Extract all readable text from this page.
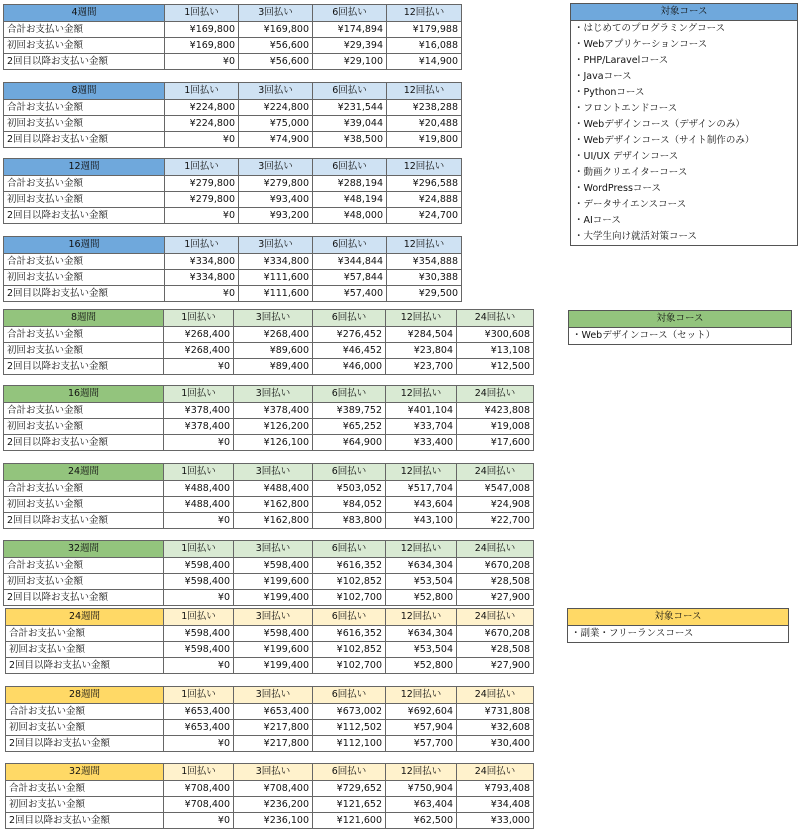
4週間	1回払い	3回払い	6回払い	12回払い
合計お支払い金額	¥169,800	¥169,800	¥174,894	¥179,988
初回お支払い金額	¥169,800	¥56,600	¥29,394	¥16,088
2回目以降お支払い金額	¥0	¥56,600	¥29,100	¥14,900
8週間	1回払い	3回払い	6回払い	12回払い
合計お支払い金額	¥224,800	¥224,800	¥231,544	¥238,288
初回お支払い金額	¥224,800	¥75,000	¥39,044	¥20,488
2回目以降お支払い金額	¥0	¥74,900	¥38,500	¥19,800
12週間	1回払い	3回払い	6回払い	12回払い
合計お支払い金額	¥279,800	¥279,800	¥288,194	¥296,588
初回お支払い金額	¥279,800	¥93,400	¥48,194	¥24,888
2回目以降お支払い金額	¥0	¥93,200	¥48,000	¥24,700
16週間	1回払い	3回払い	6回払い	12回払い
合計お支払い金額	¥334,800	¥334,800	¥344,844	¥354,888
初回お支払い金額	¥334,800	¥111,600	¥57,844	¥30,388
2回目以降お支払い金額	¥0	¥111,600	¥57,400	¥29,500
対象コース
・はじめてのプログラミングコース
・Webアプリケーションコース
・PHP/Laravelコース
・Javaコース
・Pythonコース
・フロントエンドコース
・Webデザインコース（デザインのみ）
・Webデザインコース（サイト制作のみ）
・UI/UX デザインコース
・動画クリエイターコース
・WordPressコース
・データサイエンスコース
・AIコース
・大学生向け就活対策コース
8週間	1回払い	3回払い	6回払い	12回払い	24回払い
合計お支払い金額	¥268,400	¥268,400	¥276,452	¥284,504	¥300,608
初回お支払い金額	¥268,400	¥89,600	¥46,452	¥23,804	¥13,108
2回目以降お支払い金額	¥0	¥89,400	¥46,000	¥23,700	¥12,500
16週間	1回払い	3回払い	6回払い	12回払い	24回払い
合計お支払い金額	¥378,400	¥378,400	¥389,752	¥401,104	¥423,808
初回お支払い金額	¥378,400	¥126,200	¥65,252	¥33,704	¥19,008
2回目以降お支払い金額	¥0	¥126,100	¥64,900	¥33,400	¥17,600
24週間	1回払い	3回払い	6回払い	12回払い	24回払い
合計お支払い金額	¥488,400	¥488,400	¥503,052	¥517,704	¥547,008
初回お支払い金額	¥488,400	¥162,800	¥84,052	¥43,604	¥24,908
2回目以降お支払い金額	¥0	¥162,800	¥83,800	¥43,100	¥22,700
32週間	1回払い	3回払い	6回払い	12回払い	24回払い
合計お支払い金額	¥598,400	¥598,400	¥616,352	¥634,304	¥670,208
初回お支払い金額	¥598,400	¥199,600	¥102,852	¥53,504	¥28,508
2回目以降お支払い金額	¥0	¥199,400	¥102,700	¥52,800	¥27,900
対象コース
・Webデザインコース（セット）
24週間	1回払い	3回払い	6回払い	12回払い	24回払い
合計お支払い金額	¥598,400	¥598,400	¥616,352	¥634,304	¥670,208
初回お支払い金額	¥598,400	¥199,600	¥102,852	¥53,504	¥28,508
2回目以降お支払い金額	¥0	¥199,400	¥102,700	¥52,800	¥27,900
28週間	1回払い	3回払い	6回払い	12回払い	24回払い
合計お支払い金額	¥653,400	¥653,400	¥673,002	¥692,604	¥731,808
初回お支払い金額	¥653,400	¥217,800	¥112,502	¥57,904	¥32,608
2回目以降お支払い金額	¥0	¥217,800	¥112,100	¥57,700	¥30,400
32週間	1回払い	3回払い	6回払い	12回払い	24回払い
合計お支払い金額	¥708,400	¥708,400	¥729,652	¥750,904	¥793,408
初回お支払い金額	¥708,400	¥236,200	¥121,652	¥63,404	¥34,408
2回目以降お支払い金額	¥0	¥236,100	¥121,600	¥62,500	¥33,000
対象コース
・副業・フリーランスコース
